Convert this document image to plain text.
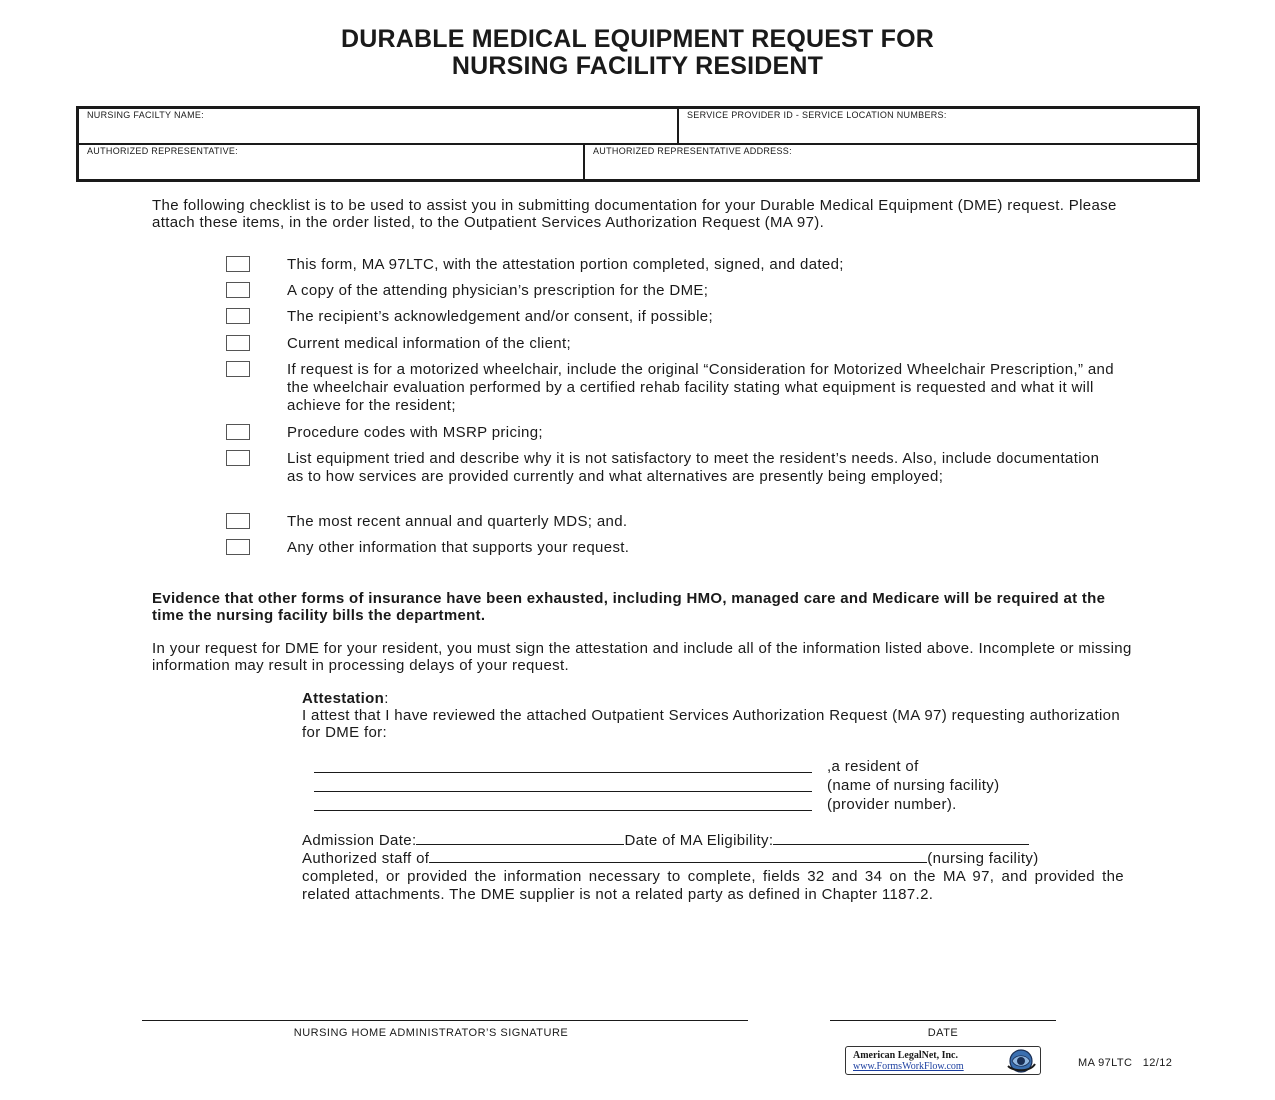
DURABLE MEDICAL EQUIPMENT REQUEST FOR
NURSING FACILITY RESIDENT
NURSING FACILTY NAME:	SERVICE PROVIDER ID - SERVICE LOCATION NUMBERS:
AUTHORIZED REPRESENTATIVE:	AUTHORIZED REPRESENTATIVE ADDRESS:
The following checklist is to be used to assist you in submitting documentation for your Durable Medical Equipment (DME) request. Please attach these items, in the order listed, to the Outpatient Services Authorization Request (MA 97).
This form, MA 97LTC, with the attestation portion completed, signed, and dated;
A copy of the attending physician’s prescription for the DME;
The recipient’s acknowledgement and/or consent, if possible;
Current medical information of the client;
If request is for a motorized wheelchair, include the original “Consideration for Motorized Wheelchair Prescription,” and the wheelchair evaluation performed by a certified rehab facility stating what equipment is requested and what it will achieve for the resident;
Procedure codes with MSRP pricing;
List equipment tried and describe why it is not satisfactory to meet the resident’s needs. Also, include documentation as to how services are provided currently and what alternatives are presently being employed;
The most recent annual and quarterly MDS; and.
Any other information that supports your request.
Evidence that other forms of insurance have been exhausted, including HMO, managed care and Medicare will be required at the time the nursing facility bills the department.
In your request for DME for your resident, you must sign the attestation and include all of the information listed above. Incomplete or missing information may result in processing delays of your request.
Attestation:
I attest that I have reviewed the attached Outpatient Services Authorization Request (MA 97) requesting authorization for DME for:
,a resident of
(name of nursing facility)
(provider number).
Admission Date:	Date of MA Eligibility:
Authorized staff of	(nursing facility)
completed, or provided the information necessary to complete, fields 32 and 34 on the MA 97, and provided the related attachments. The DME supplier is not a related party as defined in Chapter 1187.2.
NURSING HOME ADMINISTRATOR’S SIGNATURE	DATE
American LegalNet, Inc.
www.FormsWorkFlow.com	MA 97LTC 12/12
